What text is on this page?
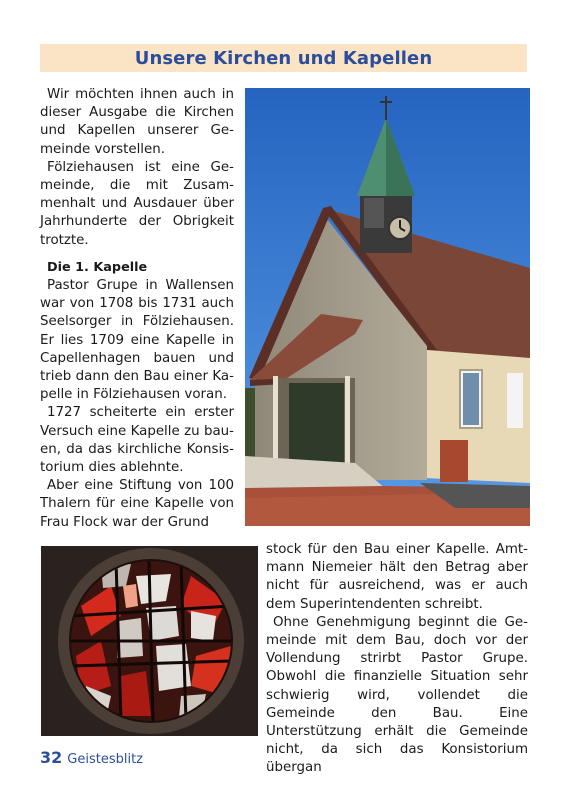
Unsere Kirchen und Kapellen

Wir möchten ihnen auch in dieser Ausgabe die Kirchen und Kapellen unserer Gemeinde vorstellen.

Fölziehausen ist eine Gemeinde, die mit Zusammenhalt und Ausdauer über Jahrhunderte der Obrigkeit trotzte.

Die 1. Kapelle

Pastor Grupe in Wallensen war von 1708 bis 1731 auch Seelsorger in Fölziehausen. Er lies 1709 eine Kapelle in Capellenhagen bauen und trieb dann den Bau einer Kapelle in Fölziehausen voran.

1727 scheiterte ein erster Versuch eine Kapelle zu bauen, da das kirchliche Konsistorium dies ablehnte.

Aber eine Stiftung von 100 Thalern für eine Kapelle von Frau Flock war der Grund

stock für den Bau einer Kapelle. Amtmann Niemeier hält den Betrag aber nicht für ausreichend, was er auch dem Superintendenten schreibt.

Ohne Genehmigung beginnt die Gemeinde mit dem Bau, doch vor der Vollendung strirbt Pastor Grupe. Obwohl die finanzielle Situation sehr schwierig wird, vollendet die Gemeinde den Bau. Eine Unterstützung erhält die Gemeinde nicht, da sich das Konsistorium übergan

32 Geistesblitz
